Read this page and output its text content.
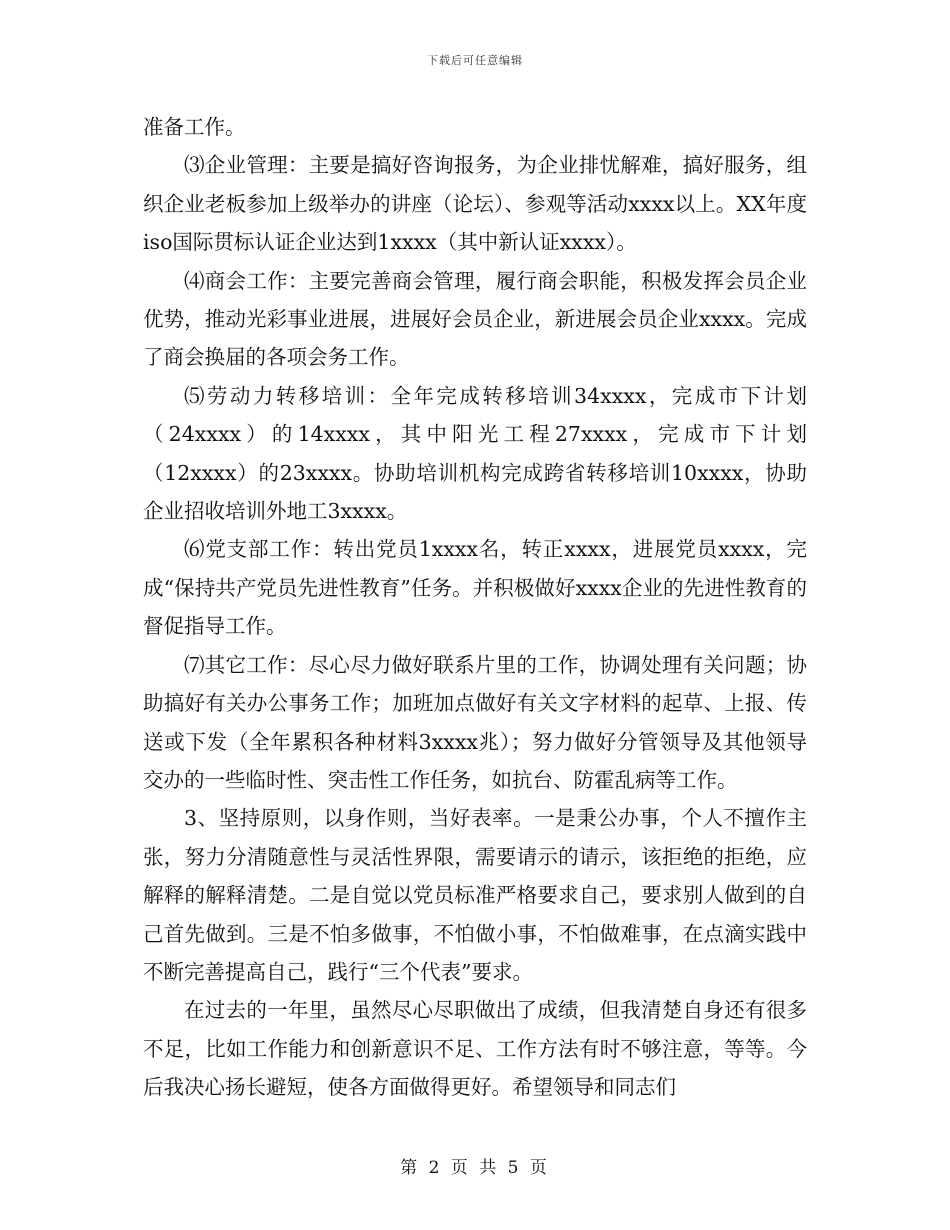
下载后可任意编辑

准备工作。

⑶企业管理：主要是搞好咨询报务，为企业排忧解难，搞好服务，组织企业老板参加上级举办的讲座（论坛）、参观等活动xxxx以上。XX年度iso国际贯标认证企业达到1xxxx（其中新认证xxxx）。

⑷商会工作：主要完善商会管理，履行商会职能，积极发挥会员企业优势，推动光彩事业进展，进展好会员企业，新进展会员企业xxxx。完成了商会换届的各项会务工作。

⑸劳动力转移培训：全年完成转移培训34xxxx，完成市下计划（24xxxx）的14xxxx，其中阳光工程27xxxx，完成市下计划（12xxxx）的23xxxx。协助培训机构完成跨省转移培训10xxxx，协助企业招收培训外地工3xxxx。

⑹党支部工作：转出党员1xxxx名，转正xxxx，进展党员xxxx，完成“保持共产党员先进性教育”任务。并积极做好xxxx企业的先进性教育的督促指导工作。

⑺其它工作：尽心尽力做好联系片里的工作，协调处理有关问题；协助搞好有关办公事务工作；加班加点做好有关文字材料的起草、上报、传送或下发（全年累积各种材料3xxxx兆）；努力做好分管领导及其他领导交办的一些临时性、突击性工作任务，如抗台、防霍乱病等工作。

3、坚持原则，以身作则，当好表率。一是秉公办事，个人不擅作主张，努力分清随意性与灵活性界限，需要请示的请示，该拒绝的拒绝，应解释的解释清楚。二是自觉以党员标准严格要求自己，要求别人做到的自己首先做到。三是不怕多做事，不怕做小事，不怕做难事，在点滴实践中不断完善提高自己，践行“三个代表”要求。

在过去的一年里，虽然尽心尽职做出了成绩，但我清楚自身还有很多不足，比如工作能力和创新意识不足、工作方法有时不够注意，等等。今后我决心扬长避短，使各方面做得更好。希望领导和同志们

第 2 页 共 5 页
